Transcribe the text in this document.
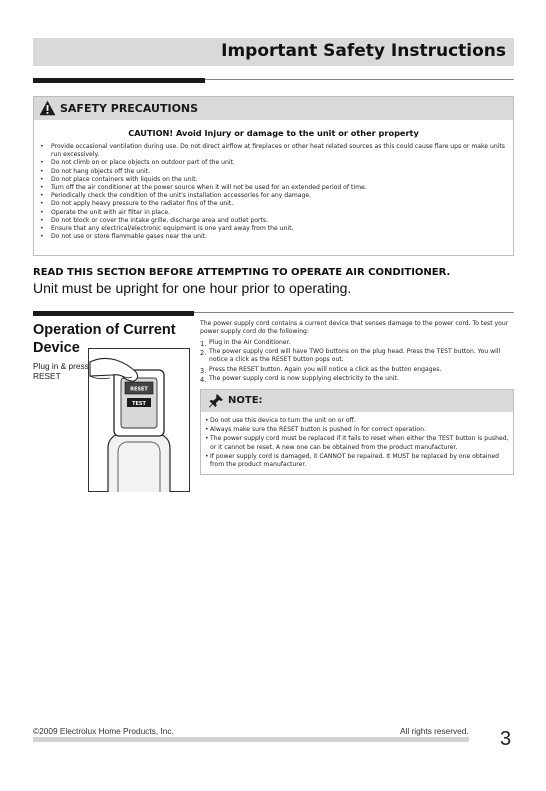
Important Safety Instructions
SAFETY PRECAUTIONS
CAUTION! Avoid Injury or damage to the unit or other property
• Provide occasional ventilation during use. Do not direct airflow at fireplaces or other heat related sources as this could cause flare ups or make units run excessively.
• Do not climb on or place objects on outdoor part of the unit.
• Do not hang objects off the unit.
• Do not place containers with liquids on the unit.
• Turn off the air conditioner at the power source when it will not be used for an extended period of time.
• Periodically check the condition of the unit's installation accessories for any damage.
• Do not apply heavy pressure to the radiator fins of the unit.
• Operate the unit with air filter in place.
• Do not block or cover the intake grille, discharge area and outlet ports.
• Ensure that any electrical/electronic equipment is one yard away from the unit.
• Do not use or store flammable gases near the unit.
READ THIS SECTION BEFORE ATTEMPTING TO OPERATE AIR CONDITIONER.
Unit must be upright for one hour prior to operating.
Operation of Current Device
Plug in & press RESET
RESET
TEST
The power supply cord contains a current device that senses damage to the power cord. To test your power supply cord do the following:
1. Plug in the Air Conditioner.
2. The power supply cord will have TWO buttons on the plug head. Press the TEST button. You will notice a click as the RESET button pops out.
3. Press the RESET button. Again you will notice a click as the button engages.
4. The power supply cord is now supplying electricity to the unit.
NOTE:
• Do not use this device to turn the unit on or off.
• Always make sure the RESET button is pushed in for correct operation.
• The power supply cord must be replaced if it fails to reset when either the TEST button is pushed, or it cannot be reset. A new one can be obtained from the product manufacturer.
• If power supply cord is damaged, it CANNOT be repaired. It MUST be replaced by one obtained from the product manufacturer.
©2009 Electrolux Home Products, Inc.	All rights reserved. 3
